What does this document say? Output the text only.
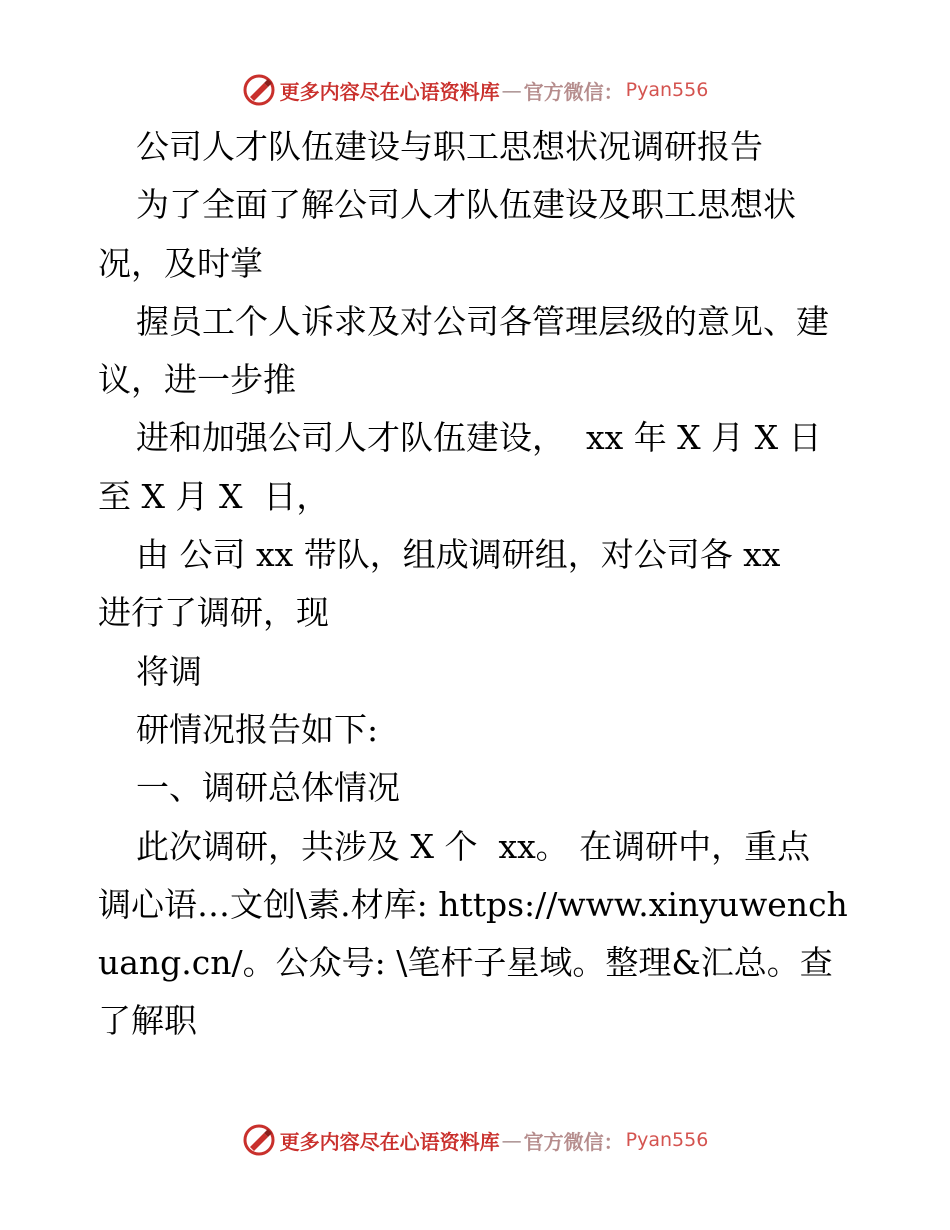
更多内容尽在心语资料库 — 官方微信： Pyan556

公司人才队伍建设与职工思想状况调研报告

为了全面了解公司人才队伍建设及职工思想状

况，及时掌

握员工个人诉求及对公司各管理层级的意见、建

议，进一步推

进和加强公司人才队伍建设，  xx 年 X 月 X 日

至 X 月 X  日，

由 公司 xx 带队，组成调研组，对公司各 xx

进行了调研，现

将调

研情况报告如下:

一、调研总体情况

此次调研，共涉及 X 个  xx。 在调研中，重点

调心语…文创\素.材库: https://www.xinyuwench

uang.cn/。公众号: \笔杆子星域。整理&汇总。查

了解职

更多内容尽在心语资料库 — 官方微信： Pyan556
